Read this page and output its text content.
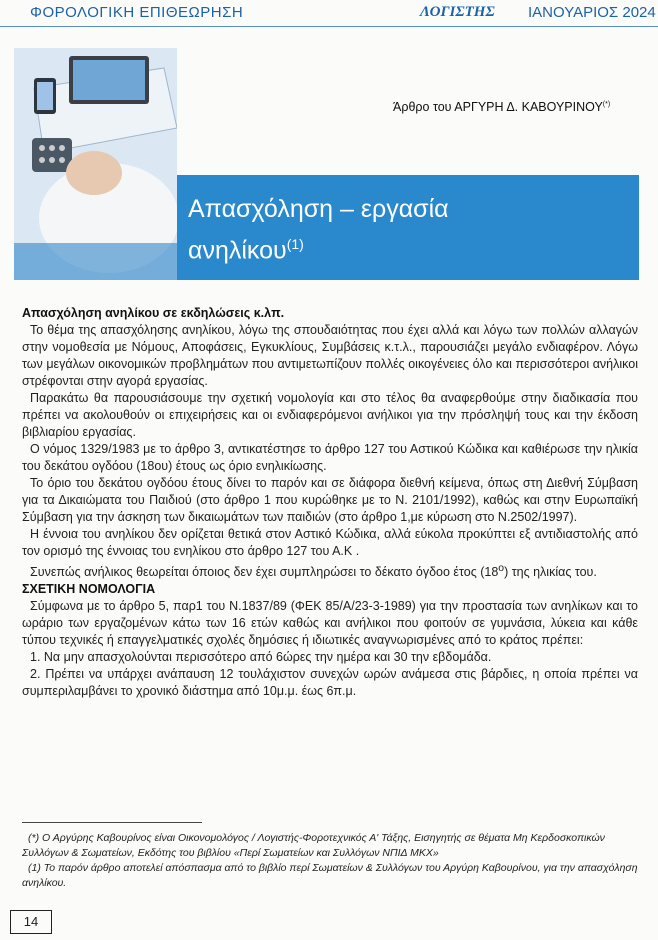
ΦΟΡΟΛΟΓΙΚΗ ΕΠΙΘΕΩΡΗΣΗ	ΛΟΓΙΣΤΗΣ ΙΑΝΟΥΑΡΙΟΣ 2024
Άρθρο του ΑΡΓΥΡΗ Δ. ΚΑΒΟΥΡΙΝΟΥ(*)
Απασχόληση – εργασία
ανηλίκου$^{(1)}$

Απασχόληση ανηλίκου σε εκδηλώσεις κ.λπ.

Το θέμα της απασχόλησης ανηλίκου, λόγω της σπουδαιότητας που έχει αλλά και λόγω των πολλών αλλαγών στην νομοθεσία με Νόμους, Αποφάσεις, Εγκυκλίους, Συμβάσεις κ.τ.λ., παρουσιάζει μεγάλο ενδιαφέρον. Λόγω των μεγάλων οικονομικών προβλημάτων που αντιμετωπίζουν πολλές οικογένειες όλο και περισσότεροι ανήλικοι στρέφονται στην αγορά εργασίας.

Παρακάτω θα παρουσιάσουμε την σχετική νομολογία και στο τέλος θα αναφερθούμε στην διαδικασία που πρέπει να ακολουθούν οι επιχειρήσεις και οι ενδιαφερόμενοι ανήλικοι για την πρόσληψή τους και την έκδοση βιβλιαρίου εργασίας.

Ο νόμος 1329/1983 με το άρθρο 3, αντικατέστησε το άρθρο 127 του Αστικού Κώδικα και καθιέρωσε την ηλικία του δεκάτου ογδόου (18ου) έτους ως όριο ενηλικίωσης.

Το όριο του δεκάτου ογδόου έτους δίνει το παρόν και σε διάφορα διεθνή κείμενα, όπως στη Διεθνή Σύμβαση για τα Δικαιώματα του Παιδιού (στο άρθρο 1 που κυρώθηκε με το Ν. 2101/1992), καθώς και στην Ευρωπαϊκή Σύμβαση για την άσκηση των δικαιωμάτων των παιδιών (στο άρθρο 1,με κύρωση στο Ν.2502/1997).

Η έννοια του ανηλίκου δεν ορίζεται θετικά στον Αστικό Κώδικα, αλλά εύκολα προκύπτει εξ αντιδιαστολής από τον ορισμό της έννοιας του ενηλίκου στο άρθρο 127 του Α.Κ .

Συνεπώς ανήλικος θεωρείται όποιος δεν έχει συμπληρώσει το δέκατο όγδοο έτος $(18^o)$ της ηλικίας του.

ΣΧΕΤΙΚΗ ΝΟΜΟΛΟΓΙΑ

Σύμφωνα με το άρθρο 5, παρ1 του Ν.1837/89 (ΦΕΚ 85/Α/23-3-1989) για την προστασία των ανηλίκων και το ωράριο των εργαζομένων κάτω των 16 ετών καθώς και ανήλικοι που φοιτούν σε γυμνάσια, λύκεια και κάθε τύπου τεχνικές ή επαγγελματικές σχολές δημόσιες ή ιδιωτικές αναγνωρισμένες από το κράτος πρέπει:

1. Να μην απασχολούνται περισσότερο από 6ώρες την ημέρα και 30 την εβδομάδα.

2. Πρέπει να υπάρχει ανάπαυση 12 τουλάχιστον συνεχών ωρών ανάμεσα στις βάρδιες, η οποία πρέπει να συμπεριλαμβάνει το χρονικό διάστημα από 10μ.μ. έως 6π.μ.

(*) Ο Αργύρης Καβουρίνος είναι Οικονομολόγος / Λογιστής-Φοροτεχνικός Α' Τάξης, Εισηγητής σε θέματα Μη Κερδοσκοπικών Συλλόγων & Σωματείων, Εκδότης του βιβλίου «Περί Σωματείων και Συλλόγων ΝΠΙΔ ΜΚΧ»

(1) Το παρόν άρθρο αποτελεί απόσπασμα από το βιβλίο περί Σωματείων & Συλλόγων του Αργύρη Καβουρίνου, για την απασχόληση ανηλίκου.

14
